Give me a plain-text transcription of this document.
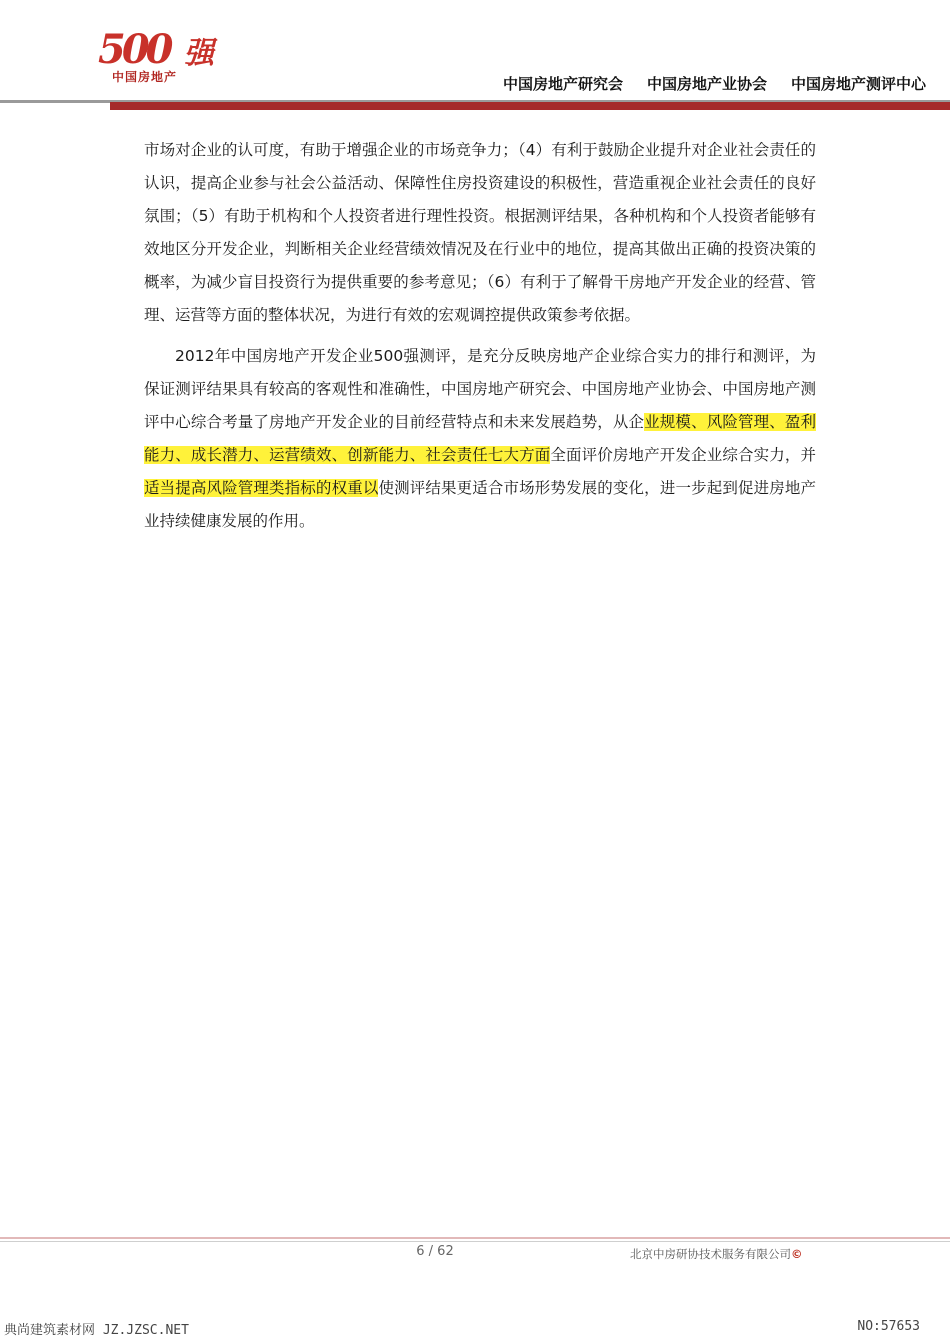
500 强
中国房地产	中国房地产研究会 中国房地产业协会 中国房地产测评中心

市场对企业的认可度，有助于增强企业的市场竞争力；（4）有利于鼓励企业提升对企业社会责任的认识，提高企业参与社会公益活动、保障性住房投资建设的积极性，营造重视企业社会责任的良好氛围；（5）有助于机构和个人投资者进行理性投资。根据测评结果，各种机构和个人投资者能够有效地区分开发企业，判断相关企业经营绩效情况及在行业中的地位，提高其做出正确的投资决策的概率，为减少盲目投资行为提供重要的参考意见；（6）有利于了解骨干房地产开发企业的经营、管理、运营等方面的整体状况，为进行有效的宏观调控提供政策参考依据。

2012年中国房地产开发企业500强测评，是充分反映房地产企业综合实力的排行和测评，为保证测评结果具有较高的客观性和准确性，中国房地产研究会、中国房地产业协会、中国房地产测评中心综合考量了房地产开发企业的目前经营特点和未来发展趋势，从企业规模、风险管理、盈利能力、成长潜力、运营绩效、创新能力、社会责任七大方面全面评价房地产开发企业综合实力，并适当提高风险管理类指标的权重以使测评结果更适合市场形势发展的变化，进一步起到促进房地产业持续健康发展的作用。

6 / 62	北京中房研协技术服务有限公司©
典尚建筑素材网 JZ.JZSC.NET	NO:57653
